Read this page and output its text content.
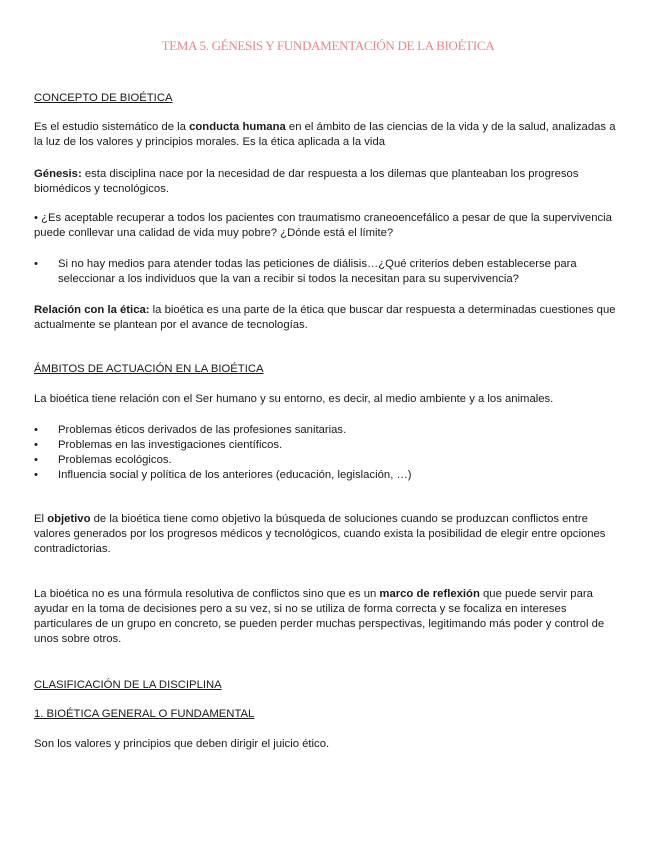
TEMA 5. GÉNESIS Y FUNDAMENTACIÓN DE LA BIOÉTICA
CONCEPTO DE BIOÉTICA
Es el estudio sistemático de la conducta humana en el ámbito de las ciencias de la vida y de la salud, analizadas a la luz de los valores y principios morales. Es la ética aplicada a la vida
Génesis: esta disciplina nace por la necesidad de dar respuesta a los dilemas que planteaban los progresos biomédicos y tecnológicos.
• ¿Es aceptable recuperar a todos los pacientes con traumatismo craneoencefálico a pesar de que la supervivencia puede conllevar una calidad de vida muy pobre? ¿Dónde está el límite?
• Si no hay medios para atender todas las peticiones de diálisis…¿Qué criterios deben establecerse para seleccionar a los individuos que la van a recibir si todos la necesitan para su supervivencia?
Relación con la ética: la bioética es una parte de la ética que buscar dar respuesta a determinadas cuestiones que actualmente se plantean por el avance de tecnologías.
ÁMBITOS DE ACTUACIÓN EN LA BIOÉTICA
La bioética tiene relación con el Ser humano y su entorno, es decir, al medio ambiente y a los animales.
• Problemas éticos derivados de las profesiones sanitarias.
• Problemas en las investigaciones científicos.
• Problemas ecológicos.
• Influencia social y política de los anteriores (educación, legislación, …)
El objetivo de la bioética tiene como objetivo la búsqueda de soluciones cuando se produzcan conflictos entre valores generados por los progresos médicos y tecnológicos, cuando exista la posibilidad de elegir entre opciones contradictorias.
La bioética no es una fórmula resolutiva de conflictos sino que es un marco de reflexión que puede servir para ayudar en la toma de decisiones pero a su vez, si no se utiliza de forma correcta y se focaliza en intereses particulares de un grupo en concreto, se pueden perder muchas perspectivas, legitimando más poder y control de unos sobre otros.
CLASIFICACIÓN DE LA DISCIPLINA
1. BIOÉTICA GENERAL O FUNDAMENTAL
Son los valores y principios que deben dirigir el juicio ético.
